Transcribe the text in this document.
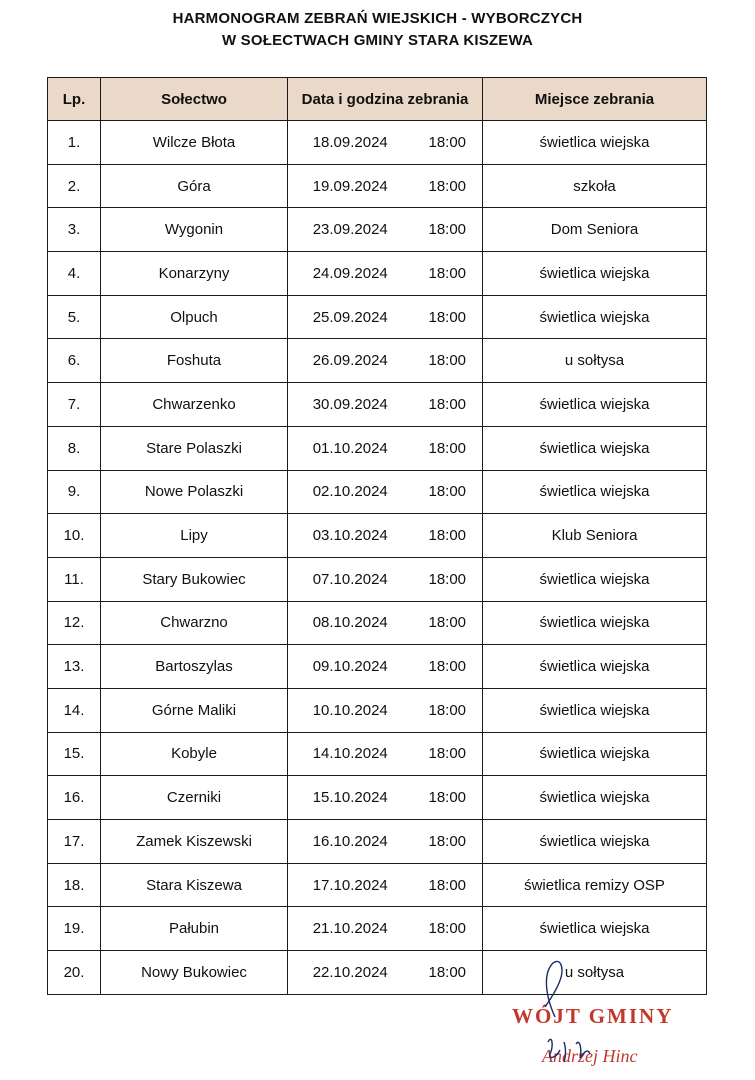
HARMONOGRAM ZEBRAŃ WIEJSKICH - WYBORCZYCH
W SOŁECTWACH GMINY STARA KISZEWA
Lp.	Sołectwo	Data i godzina zebrania		Miejsce zebrania
1.	Wilcze Błota	18.09.2024	18:00	świetlica wiejska
2.	Góra	19.09.2024	18:00	szkoła
3.	Wygonin	23.09.2024	18:00	Dom Seniora
4.	Konarzyny	24.09.2024	18:00	świetlica wiejska
5.	Olpuch	25.09.2024	18:00	świetlica wiejska
6.	Foshuta	26.09.2024	18:00	u sołtysa
7.	Chwarzenko	30.09.2024	18:00	świetlica wiejska
8.	Stare Polaszki	01.10.2024	18:00	świetlica wiejska
9.	Nowe Polaszki	02.10.2024	18:00	świetlica wiejska
10.	Lipy	03.10.2024	18:00	Klub Seniora
11.	Stary Bukowiec	07.10.2024	18:00	świetlica wiejska
12.	Chwarzno	08.10.2024	18:00	świetlica wiejska
13.	Bartoszylas	09.10.2024	18:00	świetlica wiejska
14.	Górne Maliki	10.10.2024	18:00	świetlica wiejska
15.	Kobyle	14.10.2024	18:00	świetlica wiejska
16.	Czerniki	15.10.2024	18:00	świetlica wiejska
17.	Zamek Kiszewski	16.10.2024	18:00	świetlica wiejska
18.	Stara Kiszewa	17.10.2024	18:00	świetlica remizy OSP
19.	Pałubin	21.10.2024	18:00	świetlica wiejska
20.	Nowy Bukowiec	22.10.2024	18:00	u sołtysa
WÓJT GMINY
Andrzej Hinc
